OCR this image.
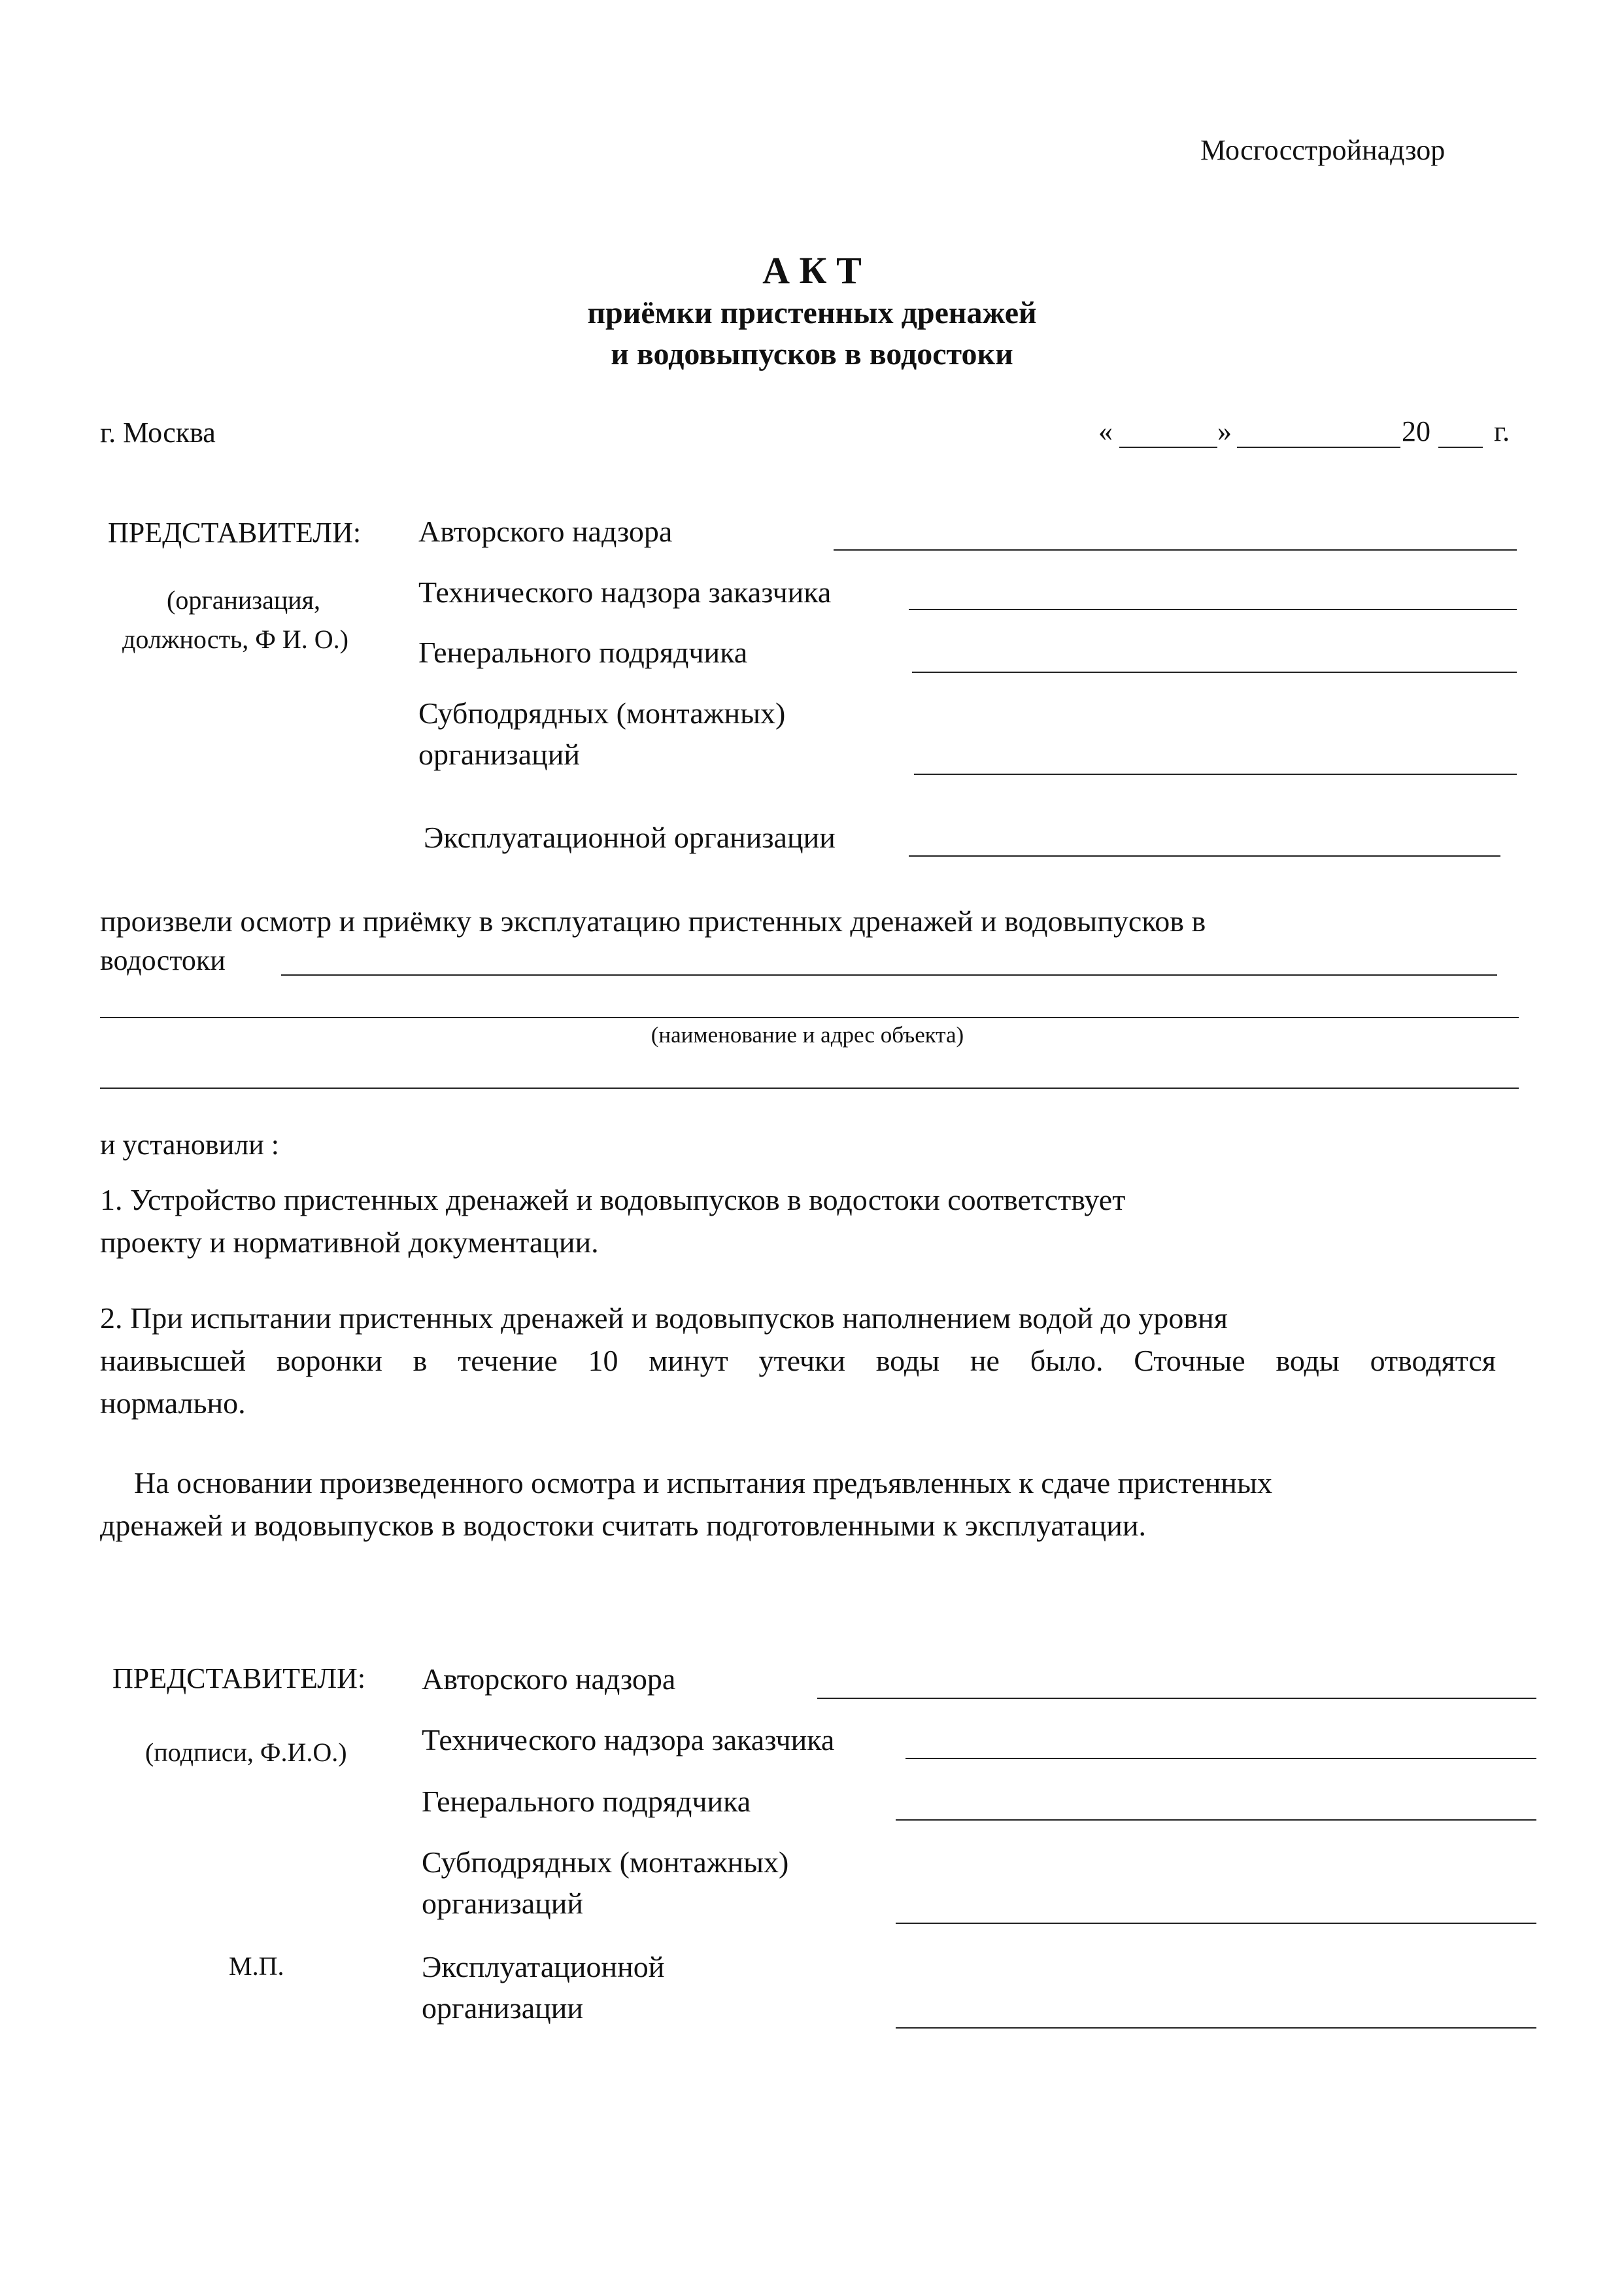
Мосгосстройнадзор
А К Т
приёмки пристенных дренажей
и водовыпусков в водостоки
г. Москва	«	»	20 г.
ПРЕДСТАВИТЕЛИ:
(организация,
должность, Ф И. О.)
Авторского надзора
Технического надзора заказчика
Генерального подрядчика
Субподрядных (монтажных)
организаций
Эксплуатационной организации
произвели осмотр и приёмку в эксплуатацию пристенных дренажей и водовыпусков в
водостоки
(наименование и адрес объекта)
и установили :
1. Устройство пристенных дренажей и водовыпусков в водостоки соответствует
проекту и нормативной документации.
2. При испытании пристенных дренажей и водовыпусков наполнением водой до уровня
наивысшей воронки в течение 10 минут утечки воды не было. Сточные воды отводятся
нормально.
На основании произведенного осмотра и испытания предъявленных к сдаче пристенных
дренажей и водовыпусков в водостоки считать подготовленными к эксплуатации.
ПРЕДСТАВИТЕЛИ:
(подписи, Ф.И.О.)
М.П.
Авторского надзора
Технического надзора заказчика
Генерального подрядчика
Субподрядных (монтажных)
организаций
Эксплуатационной
организации
